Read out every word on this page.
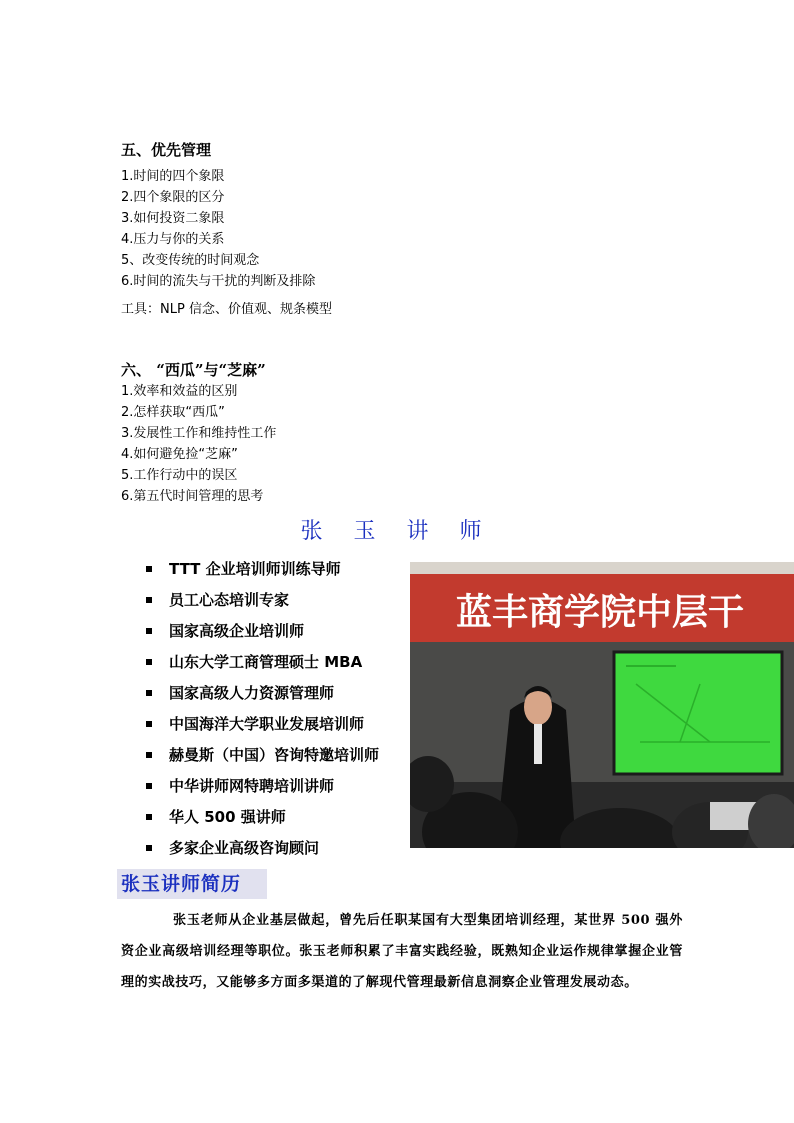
五、优先管理
1.时间的四个象限
2.四个象限的区分
3.如何投资二象限
4.压力与你的关系
5、改变传统的时间观念
6.时间的流失与干扰的判断及排除
工具：NLP 信念、价值观、规条模型
六、 “西瓜”与“芝麻”
1.效率和效益的区别
2.怎样获取“西瓜”
3.发展性工作和维持性工作
4.如何避免捡“芝麻”
5.工作行动中的误区
6.第五代时间管理的思考
张 玉 讲 师
TTT 企业培训师训练导师
员工心态培训专家
国家高级企业培训师
山东大学工商管理硕士 MBA
国家高级人力资源管理师
中国海洋大学职业发展培训师
赫曼斯（中国）咨询特邀培训师
中华讲师网特聘培训讲师
华人 500 强讲师
多家企业高级咨询顾问
蓝丰商学院中层干
张玉讲师简历

张玉老师从企业基层做起，曾先后任职某国有大型集团培训经理，某世界 500 强外资企业高级培训经理等职位。张玉老师积累了丰富实践经验，既熟知企业运作规律掌握企业管理的实战技巧，又能够多方面多渠道的了解现代管理最新信息洞察企业管理发展动态。
